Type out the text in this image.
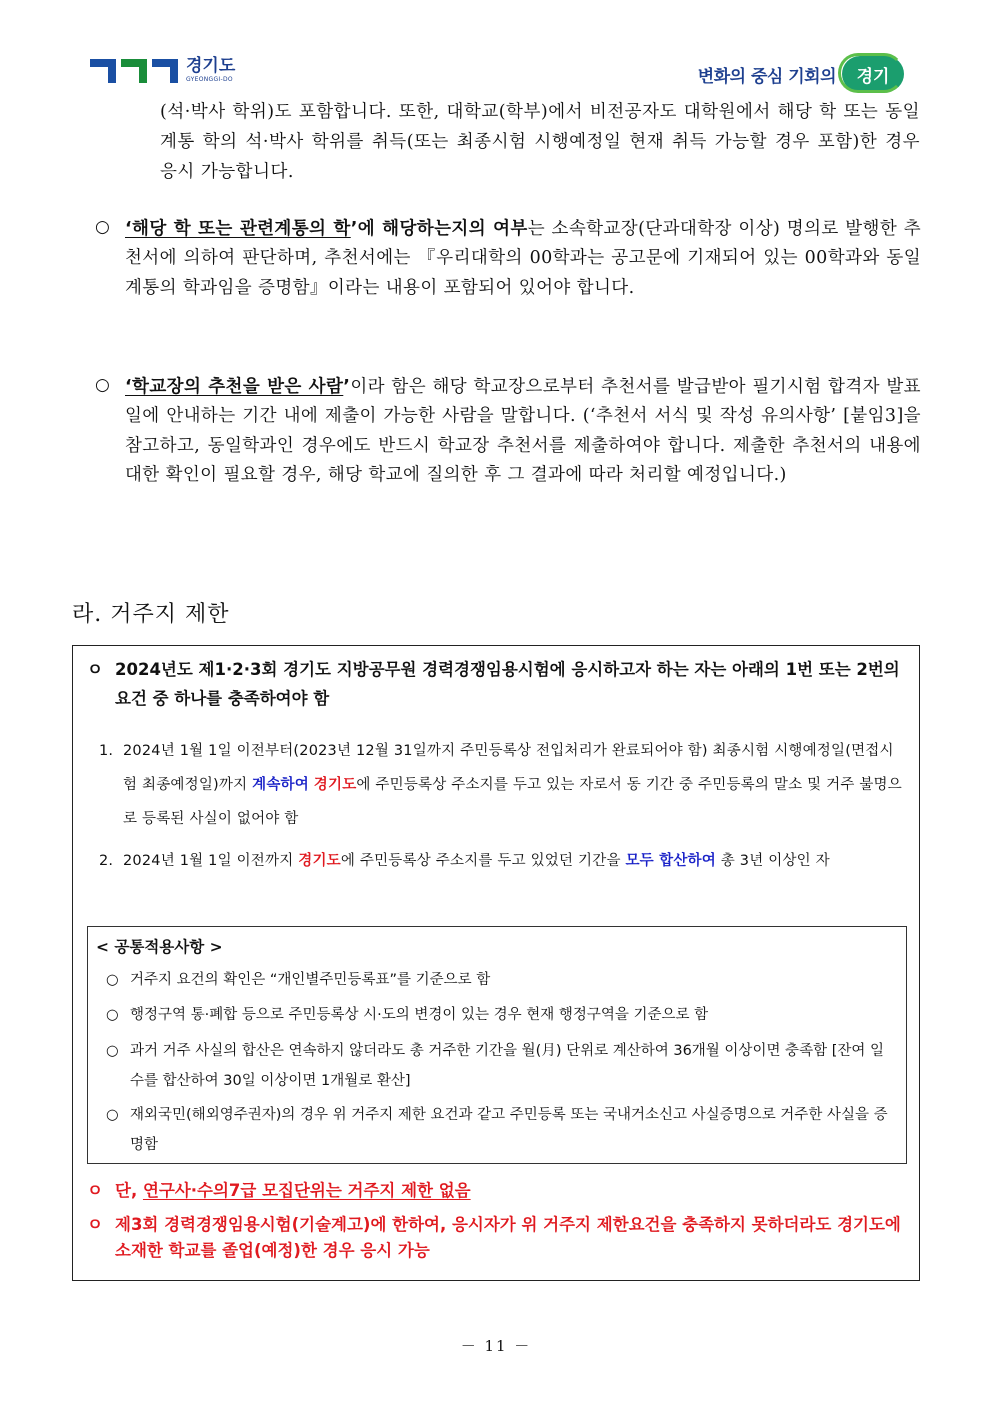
경기도
GYEONGGI-DO	변화의 중심 기회의 경기
(석·박사 학위)도 포함합니다. 또한, 대학교(학부)에서 비전공자도 대학원에서 해당 학 또는 동일계통 학의 석·박사 학위를 취득(또는 최종시험 시행예정일 현재 취득 가능할 경우 포함)한 경우 응시 가능합니다.
○ ‘해당 학 또는 관련계통의 학’에 해당하는지의 여부는 소속학교장(단과대학장 이상) 명의로 발행한 추천서에 의하여 판단하며, 추천서에는 『우리대학의 00학과는 공고문에 기재되어 있는 00학과와 동일계통의 학과임을 증명함』이라는 내용이 포함되어 있어야 합니다.
○ ‘학교장의 추천을 받은 사람’이라 함은 해당 학교장으로부터 추천서를 발급받아 필기시험 합격자 발표일에 안내하는 기간 내에 제출이 가능한 사람을 말합니다. (‘추천서 서식 및 작성 유의사항’ [붙임3]을 참고하고, 동일학과인 경우에도 반드시 학교장 추천서를 제출하여야 합니다. 제출한 추천서의 내용에 대한 확인이 필요할 경우, 해당 학교에 질의한 후 그 결과에 따라 처리할 예정입니다.)
라. 거주지 제한
ㅇ 2024년도 제1·2·3회 경기도 지방공무원 경력경쟁임용시험에 응시하고자 하는 자는 아래의 1번 또는 2번의 요건 중 하나를 충족하여야 함
1. 2024년 1월 1일 이전부터(2023년 12월 31일까지 주민등록상 전입처리가 완료되어야 함) 최종시험 시행예정일(면접시험 최종예정일)까지 계속하여 경기도에 주민등록상 주소지를 두고 있는 자로서 동 기간 중 주민등록의 말소 및 거주 불명으로 등록된 사실이 없어야 함
2. 2024년 1월 1일 이전까지 경기도에 주민등록상 주소지를 두고 있었던 기간을 모두 합산하여 총 3년 이상인 자
< 공통적용사항 >
○ 거주지 요건의 확인은 “개인별주민등록표”를 기준으로 함
○ 행정구역 통·폐합 등으로 주민등록상 시·도의 변경이 있는 경우 현재 행정구역을 기준으로 함
○ 과거 거주 사실의 합산은 연속하지 않더라도 총 거주한 기간을 월(月) 단위로 계산하여 36개월 이상이면 충족함 [잔여 일수를 합산하여 30일 이상이면 1개월로 환산]
○ 재외국민(해외영주권자)의 경우 위 거주지 제한 요건과 같고 주민등록 또는 국내거소신고 사실증명으로 거주한 사실을 증명함
ㅇ 단, 연구사·수의7급 모집단위는 거주지 제한 없음
ㅇ 제3회 경력경쟁임용시험(기술계고)에 한하여, 응시자가 위 거주지 제한요건을 충족하지 못하더라도 경기도에 소재한 학교를 졸업(예정)한 경우 응시 가능
－ 11 －
